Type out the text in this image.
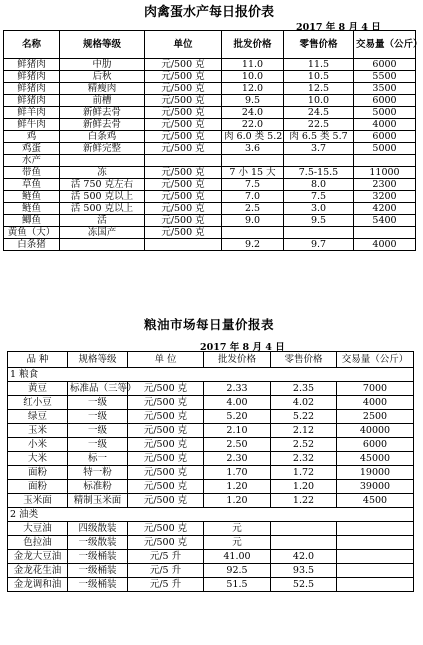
肉禽蛋水产每日报价表
2017 年 8 月 4 日
名称	规格等级	单位	批发价格	零售价格	交易量（公斤）
鲜猪肉	中肋	元/500 克	11.0	11.5	6000
鲜猪肉	后秋	元/500 克	10.0	10.5	5500
鲜猪肉	精瘦肉	元/500 克	12.0	12.5	3500
鲜猪肉	前槽	元/500 克	9.5	10.0	6000
鲜羊肉	新鲜去骨	元/500 克	24.0	24.5	5000
鲜牛肉	新鲜去骨	元/500 克	22.0	22.5	4000
鸡	白条鸡	元/500 克	肉 6.0 类 5.2	肉 6.5 类 5.7	6000
鸡蛋	新鲜完整	元/500 克	3.6	3.7	5000
水产					
带鱼	冻	元/500 克	7 小 15 大	7.5-15.5	11000
草鱼	活 750 克左右	元/500 克	7.5	8.0	2300
鲢鱼	活 500 克以上	元/500 克	7.0	7.5	3200
鲢鱼	活 500 克以上	元/500 克	2.5	3.0	4200
鲫鱼	活	元/500 克	9.0	9.5	5400
黄鱼（大）	冻国产	元/500 克			
白条猪			9.2	9.7	4000
粮油市场每日量价报表
2017 年 8 月 4 日
品 种	规格等级	单 位	批发价格	零售价格	交易量（公斤）
1 粮食					
黄豆	标准品（三等）	元/500 克	2.33	2.35	7000
红小豆	一级	元/500 克	4.00	4.02	4000
绿豆	一级	元/500 克	5.20	5.22	2500
玉米	一级	元/500 克	2.10	2.12	40000
小米	一级	元/500 克	2.50	2.52	6000
大米	标一	元/500 克	2.30	2.32	45000
面粉	特一粉	元/500 克	1.70	1.72	19000
面粉	标准粉	元/500 克	1.20	1.20	39000
玉米面	精制玉米面	元/500 克	1.20	1.22	4500
2 油类					
大豆油	四级散装	元/500 克	元		
色拉油	一级散装	元/500 克	元		
金龙大豆油	一级桶装	元/5 升	41.00	42.0	
金龙花生油	一级桶装	元/5 升	92.5	93.5	
金龙调和油	一级桶装	元/5 升	51.5	52.5	
